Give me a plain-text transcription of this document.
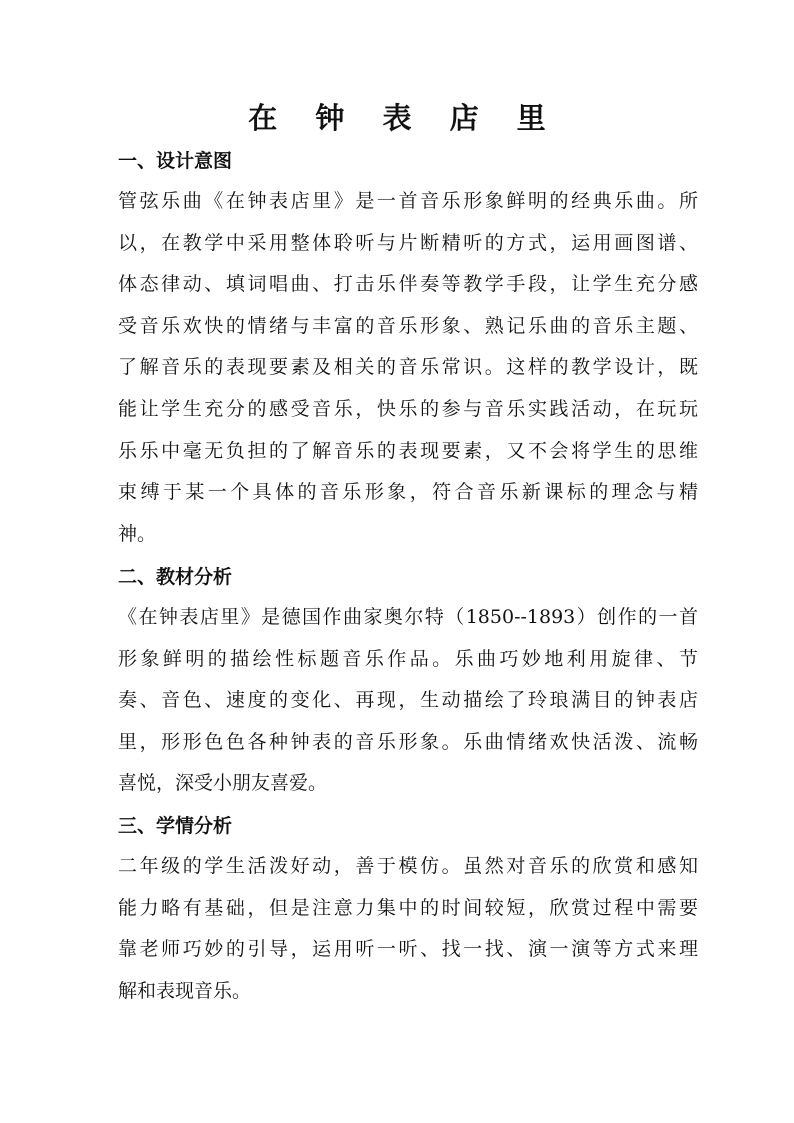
在 钟 表 店 里
一、设计意图
管弦乐曲《在钟表店里》是一首音乐形象鲜明的经典乐曲。所
以，在教学中采用整体聆听与片断精听的方式，运用画图谱、
体态律动、填词唱曲、打击乐伴奏等教学手段，让学生充分感
受音乐欢快的情绪与丰富的音乐形象、熟记乐曲的音乐主题、
了解音乐的表现要素及相关的音乐常识。这样的教学设计，既
能让学生充分的感受音乐，快乐的参与音乐实践活动，在玩玩
乐乐中毫无负担的了解音乐的表现要素，又不会将学生的思维
束缚于某一个具体的音乐形象，符合音乐新课标的理念与精
神。
二、教材分析
《在钟表店里》是德国作曲家奥尔特（1850--1893）创作的一首
形象鲜明的描绘性标题音乐作品。乐曲巧妙地利用旋律、节
奏、音色、速度的变化、再现，生动描绘了玲琅满目的钟表店
里，形形色色各种钟表的音乐形象。乐曲情绪欢快活泼、流畅
喜悦，深受小朋友喜爱。
三、学情分析
二年级的学生活泼好动，善于模仿。虽然对音乐的欣赏和感知
能力略有基础，但是注意力集中的时间较短，欣赏过程中需要
靠老师巧妙的引导，运用听一听、找一找、演一演等方式来理
解和表现音乐。
